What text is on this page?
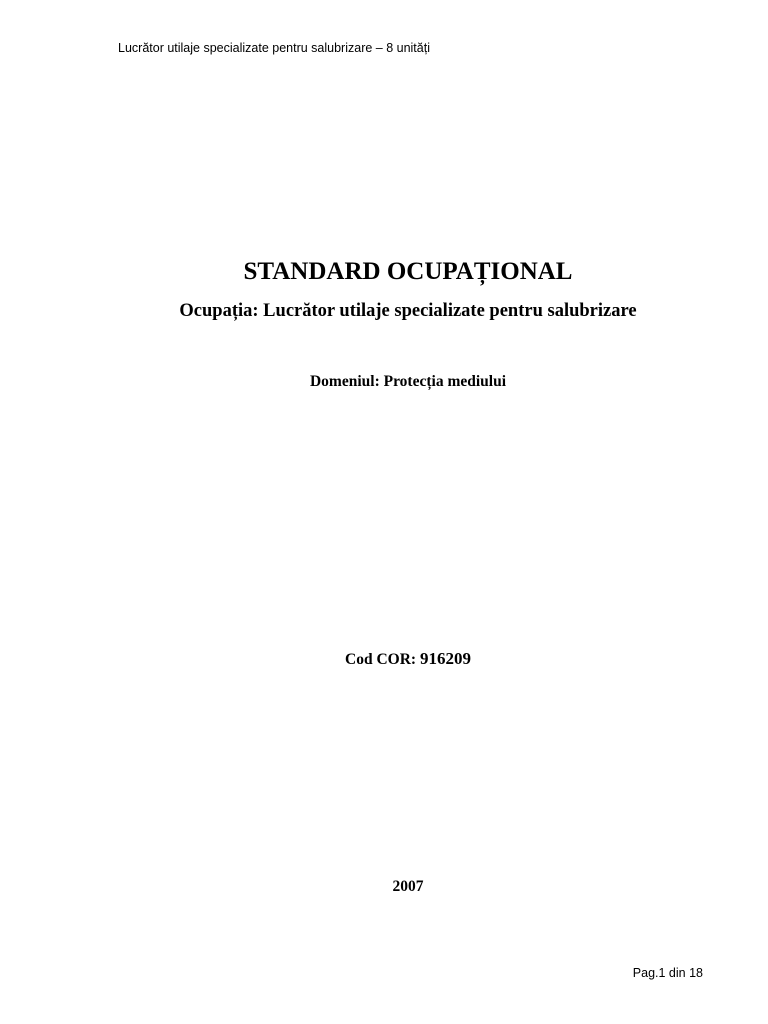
Lucrător utilaje specializate pentru salubrizare – 8 unități
STANDARD OCUPAȚIONAL
Ocupația: Lucrător utilaje specializate pentru salubrizare
Domeniul: Protecția mediului
Cod COR: 916209
2007
Pag.1 din 18
